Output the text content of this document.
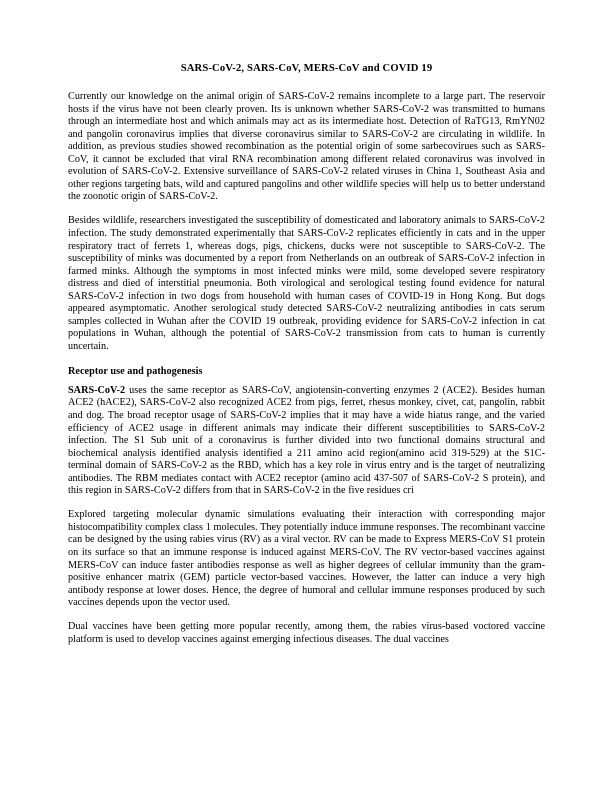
SARS-CoV-2, SARS-CoV, MERS-CoV and COVID 19

Currently our knowledge on the animal origin of SARS-CoV-2 remains incomplete to a large part. The reservoir hosts if the virus have not been clearly proven. Its is unknown whether SARS-CoV-2 was transmitted to humans through an intermediate host and which animals may act as its intermediate host. Detection of RaTG13, RmYN02 and pangolin coronavirus implies that diverse coronavirus similar to SARS-CoV-2 are circulating in wildlife. In addition, as previous studies showed recombination as the potential origin of some sarbecovirues such as SARS-CoV, it cannot be excluded that viral RNA recombination among different related coronavirus was involved in evolution of SARS-CoV-2. Extensive surveillance of SARS-CoV-2 related viruses in China 1, Southeast Asia and other regions targeting bats, wild and captured pangolins and other wildlife species will help us to better understand the zoonotic origin of SARS-CoV-2.

Besides wildlife, researchers investigated the susceptibility of domesticated and laboratory animals to SARS-CoV-2 infection. The study demonstrated experimentally that SARS-CoV-2 replicates efficiently in cats and in the upper respiratory tract of ferrets 1, whereas dogs, pigs, chickens, ducks were not susceptible to SARS-CoV-2. The susceptibility of minks was documented by a report from Netherlands on an outbreak of SARS-CoV-2 infection in farmed minks. Although the symptoms in most infected minks were mild, some developed severe respiratory distress and died of interstitial pneumonia. Both virological and serological testing found evidence for natural SARS-CoV-2 infection in two dogs from household with human cases of COVID-19 in Hong Kong. But dogs appeared asymptomatic. Another serological study detected SARS-CoV-2 neutralizing antibodies in cats serum samples collected in Wuhan after the COVID 19 outbreak, providing evidence for SARS-CoV-2 infection in cat populations in Wuhan, although the potential of SARS-CoV-2 transmission from cats to human is currently uncertain.

Receptor use and pathogenesis

SARS-CoV-2 uses the same receptor as SARS-CoV, angiotensin-converting enzymes 2 (ACE2). Besides human ACE2 (hACE2), SARS-CoV-2 also recognized ACE2 from pigs, ferret, rhesus monkey, civet, cat, pangolin, rabbit and dog. The broad receptor usage of SARS-CoV-2 implies that it may have a wide hiatus range, and the varied efficiency of ACE2 usage in different animals may indicate their different susceptibilities to SARS-CoV-2 infection. The S1 Sub unit of a coronavirus is further divided into two functional domains structural and biochemical analysis identified analysis identified a 211 amino acid region(amino acid 319-529) at the S1C- terminal domain of SARS-CoV-2 as the RBD, which has a key role in virus entry and is the target of neutralizing antibodies. The RBM mediates contact with ACE2 receptor (amino acid 437-507 of SARS-CoV-2 S protein), and this region in SARS-CoV-2 differs from that in SARS-CoV-2 in the five residues cri

Explored targeting molecular dynamic simulations evaluating their interaction with corresponding major histocompatibility complex class 1 molecules. They potentially induce immune responses. The recombinant vaccine can be designed by the using rabies virus (RV) as a viral vector. RV can be made to Express MERS-CoV S1 protein on its surface so that an immune response is induced against MERS-CoV. The RV vector-based vaccines against MERS-CoV can induce faster antibodies response as well as higher degrees of cellular immunity than the gram-positive enhancer matrix (GEM) particle vector-based vaccines. However, the latter can induce a very high antibody response at lower doses. Hence, the degree of humoral and cellular immune responses produced by such vaccines depends upon the vector used.

Dual vaccines have been getting more popular recently, among them, the rabies virus-based voctored vaccine platform is used to develop vaccines against emerging infectious diseases. The dual vaccines
